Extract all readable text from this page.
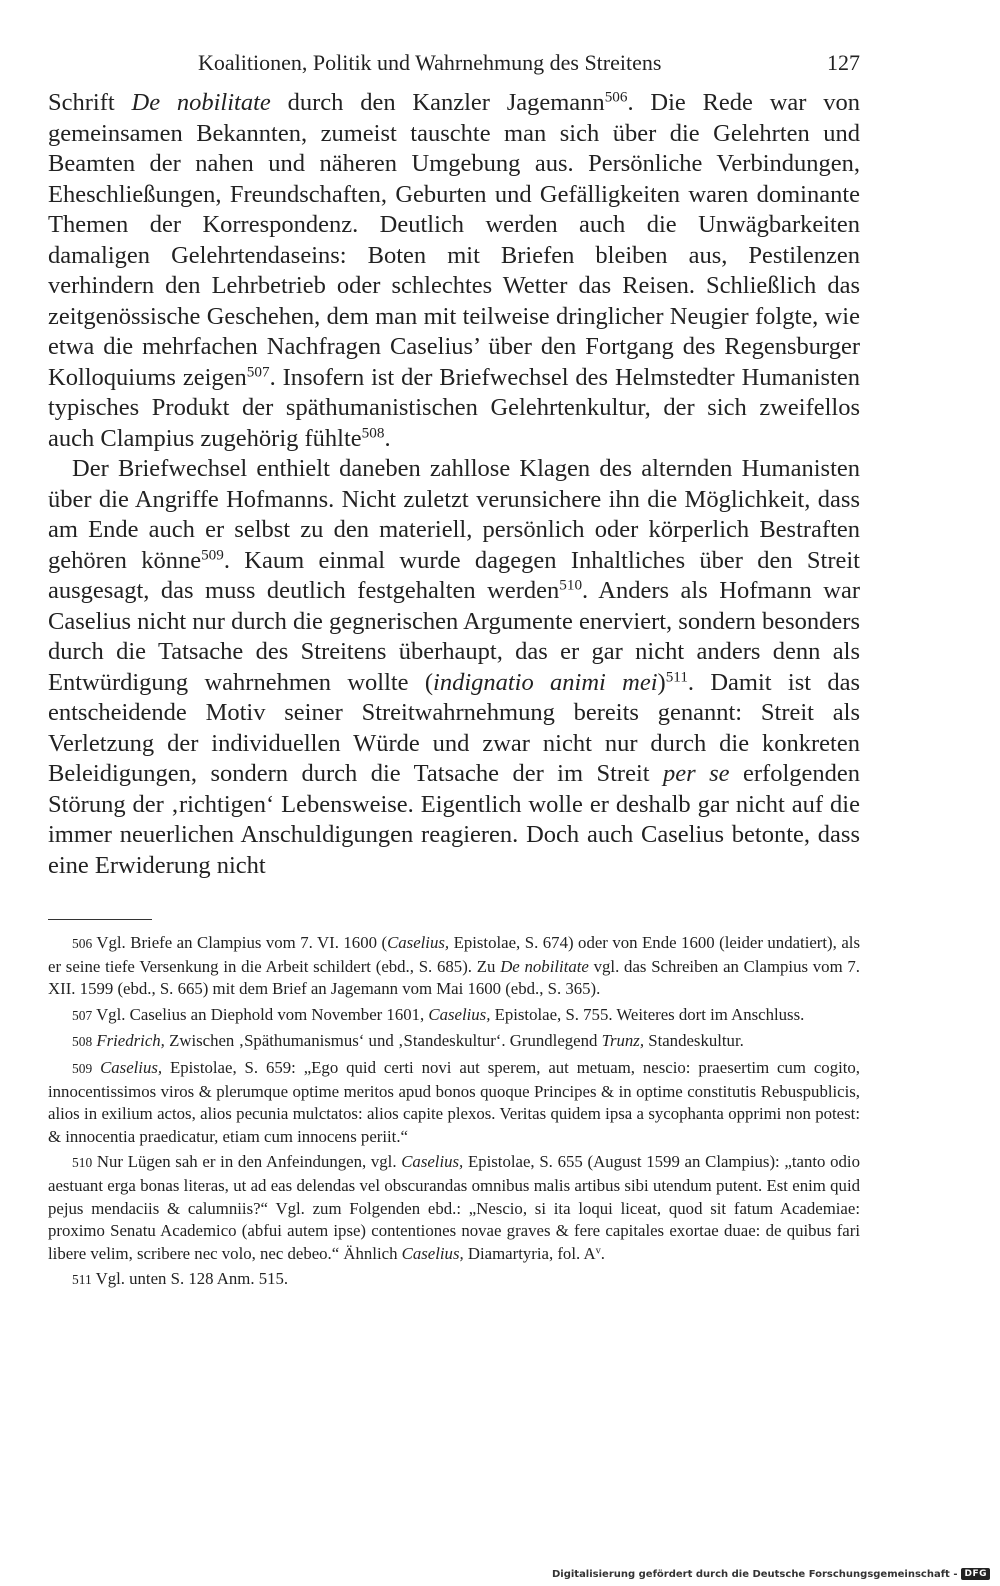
Koalitionen, Politik und Wahrnehmung des Streitens	127

Schrift De nobilitate durch den Kanzler Jagemann$^{506}$. Die Rede war von gemeinsamen Bekannten, zumeist tauschte man sich über die Gelehrten und Beamten der nahen und näheren Umgebung aus. Persönliche Verbindungen, Eheschließungen, Freundschaften, Geburten und Gefälligkeiten waren dominante Themen der Korrespondenz. Deutlich werden auch die Unwägbarkeiten damaligen Gelehrtendaseins: Boten mit Briefen bleiben aus, Pestilenzen verhindern den Lehrbetrieb oder schlechtes Wetter das Reisen. Schließlich das zeitgenössische Geschehen, dem man mit teilweise dringlicher Neugier folgte, wie etwa die mehrfachen Nachfragen Caselius’ über den Fortgang des Regensburger Kolloquiums zeigen$^{507}$. Insofern ist der Briefwechsel des Helmstedter Humanisten typisches Produkt der späthumanistischen Gelehrtenkultur, der sich zweifellos auch Clampius zugehörig fühlte$^{508}$.

Der Briefwechsel enthielt daneben zahllose Klagen des alternden Humanisten über die Angriffe Hofmanns. Nicht zuletzt verunsichere ihn die Möglichkeit, dass am Ende auch er selbst zu den materiell, persönlich oder körperlich Bestraften gehören könne$^{509}$. Kaum einmal wurde dagegen Inhaltliches über den Streit ausgesagt, das muss deutlich festgehalten werden$^{510}$. Anders als Hofmann war Caselius nicht nur durch die gegnerischen Argumente enerviert, sondern besonders durch die Tatsache des Streitens überhaupt, das er gar nicht anders denn als Entwürdigung wahrnehmen wollte (indignatio animi mei)$^{511}$. Damit ist das entscheidende Motiv seiner Streitwahrnehmung bereits genannt: Streit als Verletzung der individuellen Würde und zwar nicht nur durch die konkreten Beleidigungen, sondern durch die Tatsache der im Streit per se erfolgenden Störung der ‚richtigen‘ Lebensweise. Eigentlich wolle er deshalb gar nicht auf die immer neuerlichen Anschuldigungen reagieren. Doch auch Caselius betonte, dass eine Erwiderung nicht

506 Vgl. Briefe an Clampius vom 7. VI. 1600 (Caselius, Epistolae, S. 674) oder von Ende 1600 (leider undatiert), als er seine tiefe Versenkung in die Arbeit schildert (ebd., S. 685). Zu De nobilitate vgl. das Schreiben an Clampius vom 7. XII. 1599 (ebd., S. 665) mit dem Brief an Jagemann vom Mai 1600 (ebd., S. 365).

507 Vgl. Caselius an Diephold vom November 1601, Caselius, Epistolae, S. 755. Weiteres dort im Anschluss.

508 Friedrich, Zwischen ‚Späthumanismus‘ und ‚Standeskultur‘. Grundlegend Trunz, Standeskultur.

509 Caselius, Epistolae, S. 659: „Ego quid certi novi aut sperem, aut metuam, nescio: praesertim cum cogito, innocentissimos viros & plerumque optime meritos apud bonos quoque Principes & in optime constitutis Rebuspublicis, alios in exilium actos, alios pecunia mulctatos: alios capite plexos. Veritas quidem ipsa a sycophanta opprimi non potest: & innocentia praedicatur, etiam cum innocens periit.“

510 Nur Lügen sah er in den Anfeindungen, vgl. Caselius, Epistolae, S. 655 (August 1599 an Clampius): „tanto odio aestuant erga bonas literas, ut ad eas delendas vel obscurandas omnibus malis artibus sibi utendum putent. Est enim quid pejus mendaciis & calumniis?“ Vgl. zum Folgenden ebd.: „Nescio, si ita loqui liceat, quod sit fatum Academiae: proximo Senatu Academico (abfui autem ipse) contentiones novae graves & fere capitales exortae duae: de quibus fari libere velim, scribere nec volo, nec debeo.“ Ähnlich Caselius, Diamartyria, fol. $A^v$.

511 Vgl. unten S. 128 Anm. 515.

Digitalisierung gefördert durch die Deutsche Forschungsgemeinschaft - DFG
